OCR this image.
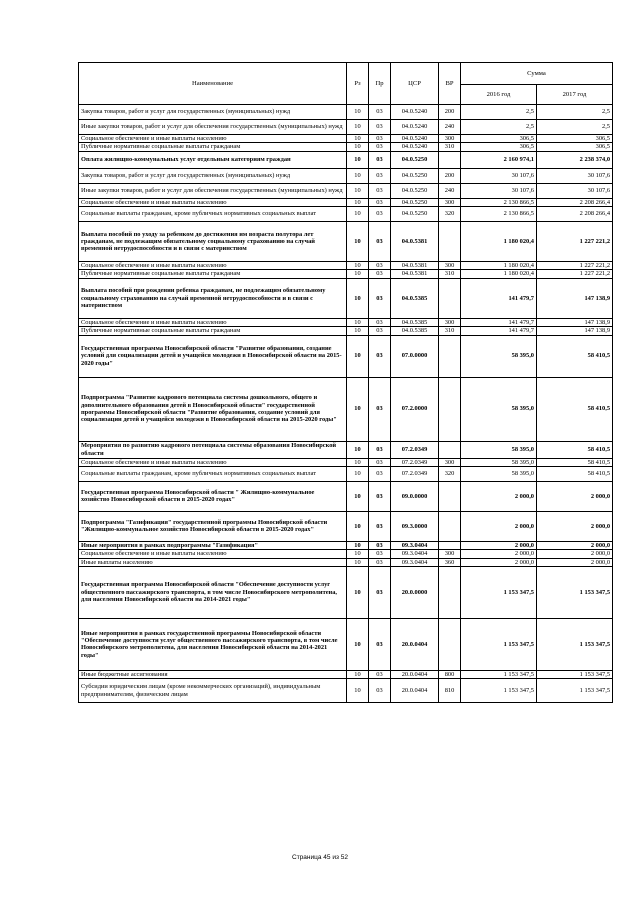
Наименование	Рз	Пр	ЦСР	ВР	Сумма	
					2016 год	2017 год
Закупка товаров, работ и услуг для государственных (муниципальных) нужд	10	03	04.0.5240	200	2,5	2,5
Иные закупки товаров, работ и услуг для обеспечения государственных (муниципальных) нужд	10	03	04.0.5240	240	2,5	2,5
Социальное обеспечение и иные выплаты населению	10	03	04.0.5240	300	306,5	306,5
Публичные нормативные социальные выплаты гражданам	10	03	04.0.5240	310	306,5	306,5
Оплата жилищно-коммунальных услуг отдельным категориям граждан	10	03	04.0.5250		2 160 974,1	2 238 374,0
Закупка товаров, работ и услуг для государственных (муниципальных) нужд	10	03	04.0.5250	200	30 107,6	30 107,6
Иные закупки товаров, работ и услуг для обеспечения государственных (муниципальных) нужд	10	03	04.0.5250	240	30 107,6	30 107,6
Социальное обеспечение и иные выплаты населению	10	03	04.0.5250	300	2 130 866,5	2 208 266,4
Социальные выплаты гражданам, кроме публичных нормативных социальных выплат	10	03	04.0.5250	320	2 130 866,5	2 208 266,4
Выплата пособий по уходу за ребенком до достижения им возраста полутора лет гражданам, не подлежащим обязательному социальному страхованию на случай временной нетрудоспособности и в связи с материнством	10	03	04.0.5381		1 180 020,4	1 227 221,2
Социальное обеспечение и иные выплаты населению	10	03	04.0.5381	300	1 180 020,4	1 227 221,2
Публичные нормативные социальные выплаты гражданам	10	03	04.0.5381	310	1 180 020,4	1 227 221,2
Выплата пособий при рождении ребенка гражданам, не подлежащим обязательному социальному страхованию на случай временной нетрудоспособности и в связи с материнством	10	03	04.0.5385		141 479,7	147 138,9
Социальное обеспечение и иные выплаты населению	10	03	04.0.5385	300	141 479,7	147 138,9
Публичные нормативные социальные выплаты гражданам	10	03	04.0.5385	310	141 479,7	147 138,9
Государственная программа Новосибирской области "Развитие образования, создание условий для социализации детей и учащейся молодежи в Новосибирской области на 2015-2020 годы"	10	03	07.0.0000		58 395,0	58 410,5
Подпрограмма "Развитие кадрового потенциала системы дошкольного, общего и дополнительного образования детей в Новосибирской области" государственной программы Новосибирской области "Развитие образования, создание условий для социализации детей и учащейся молодежи в Новосибирской области на 2015-2020 годы"	10	03	07.2.0000		58 395,0	58 410,5
Мероприятия по развитию кадрового потенциала системы образования Новосибирской области	10	03	07.2.0349		58 395,0	58 410,5
Социальное обеспечение и иные выплаты населению	10	03	07.2.0349	300	58 395,0	58 410,5
Социальные выплаты гражданам, кроме публичных нормативных социальных выплат	10	03	07.2.0349	320	58 395,0	58 410,5
Государственная программа Новосибирской области " Жилищно-коммунальное хозяйство Новосибирской области в 2015-2020 годах"	10	03	09.0.0000		2 000,0	2 000,0
Подпрограмма "Газификация" государственной программы Новосибирской области "Жилищно-коммунальное хозяйство Новосибирской области в 2015-2020 годах"	10	03	09.3.0000		2 000,0	2 000,0
Иные мероприятия в рамках подпрограммы "Газификация"	10	03	09.3.0404		2 000,0	2 000,0
Социальное обеспечение и иные выплаты населению	10	03	09.3.0404	300	2 000,0	2 000,0
Иные выплаты населению	10	03	09.3.0404	360	2 000,0	2 000,0
Государственная программа Новосибирской области "Обеспечение доступности услуг общественного пассажирского транспорта, в том числе Новосибирского метрополитена, для населения Новосибирской области на 2014-2021 годы"	10	03	20.0.0000		1 153 347,5	1 153 347,5
Иные мероприятия в рамках государственной программы Новосибирской области "Обеспечение доступности услуг общественного пассажирского транспорта, в том числе Новосибирского метрополитена, для населения Новосибирской области на 2014-2021 годы"	10	03	20.0.0404		1 153 347,5	1 153 347,5
Иные бюджетные ассигнования	10	03	20.0.0404	800	1 153 347,5	1 153 347,5
Субсидии юридическим лицам (кроме некоммерческих организаций), индивидуальным предпринимателям, физическим лицам	10	03	20.0.0404	810	1 153 347,5	1 153 347,5
Страница 45 из 52
